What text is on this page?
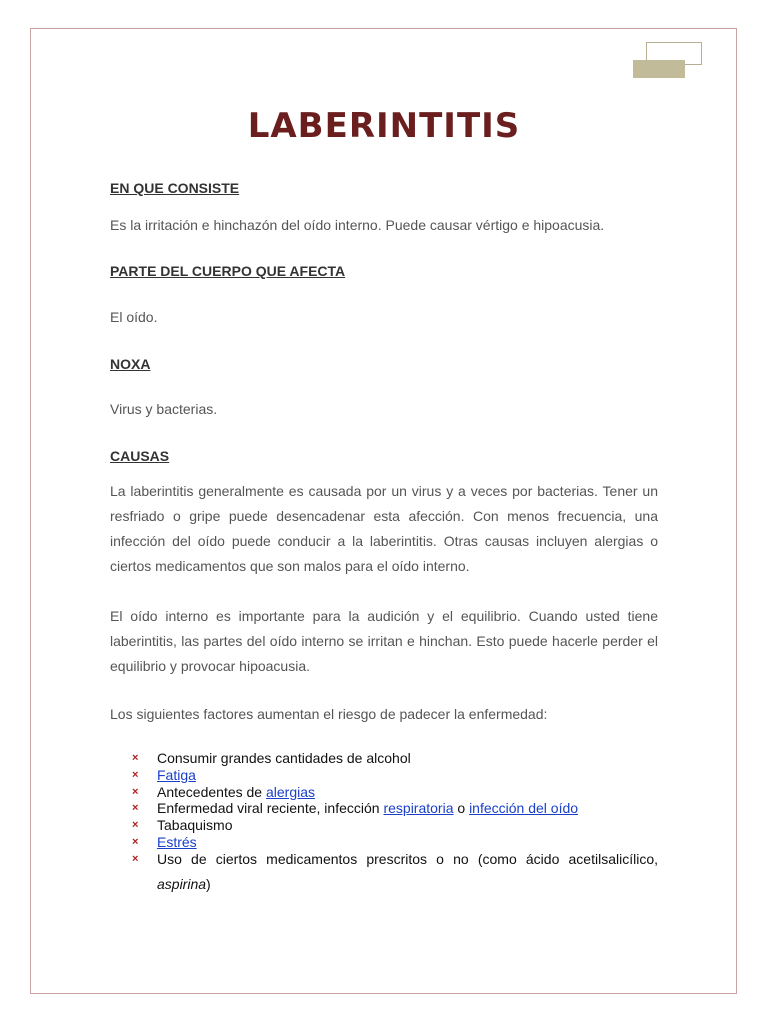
LABERINTITIS

EN QUE CONSISTE

Es la irritación e hinchazón del oído interno. Puede causar vértigo e hipoacusia.

PARTE DEL CUERPO QUE AFECTA

El oído.

NOXA

Virus y bacterias.

CAUSAS

La laberintitis generalmente es causada por un virus y a veces por bacterias. Tener un resfriado o gripe puede desencadenar esta afección. Con menos frecuencia, una infección del oído puede conducir a la laberintitis. Otras causas incluyen alergias o ciertos medicamentos que son malos para el oído interno.

El oído interno es importante para la audición y el equilibrio. Cuando usted tiene laberintitis, las partes del oído interno se irritan e hinchan. Esto puede hacerle perder el equilibrio y provocar hipoacusia.

Los siguientes factores aumentan el riesgo de padecer la enfermedad:

× Consumir grandes cantidades de alcohol
× Fatiga
× Antecedentes de alergias
× Enfermedad viral reciente, infección respiratoria o infección del oído
× Tabaquismo
× Estrés
× Uso de ciertos medicamentos prescritos o no (como ácido acetilsalicílico, aspirina)
